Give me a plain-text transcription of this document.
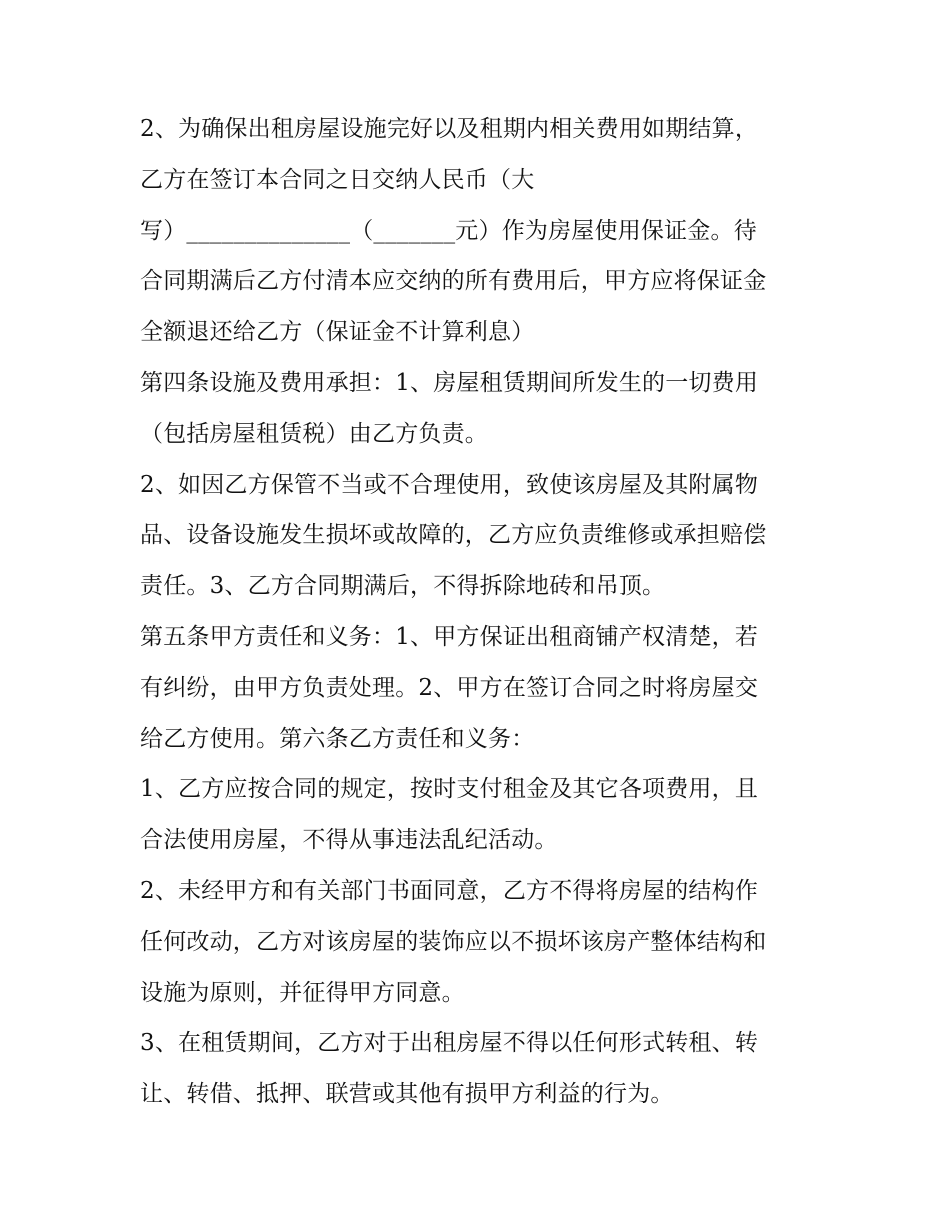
2、为确保出租房屋设施完好以及租期内相关费用如期结算，
乙方在签订本合同之日交纳人民币（大
写）______________（_______元）作为房屋使用保证金。待
合同期满后乙方付清本应交纳的所有费用后，甲方应将保证金
全额退还给乙方（保证金不计算利息）
第四条设施及费用承担：1、房屋租赁期间所发生的一切费用
（包括房屋租赁税）由乙方负责。
2、如因乙方保管不当或不合理使用，致使该房屋及其附属物
品、设备设施发生损坏或故障的，乙方应负责维修或承担赔偿
责任。3、乙方合同期满后，不得拆除地砖和吊顶。
第五条甲方责任和义务：1、甲方保证出租商铺产权清楚，若
有纠纷，由甲方负责处理。2、甲方在签订合同之时将房屋交
给乙方使用。第六条乙方责任和义务：
1、乙方应按合同的规定，按时支付租金及其它各项费用，且
合法使用房屋，不得从事违法乱纪活动。
2、未经甲方和有关部门书面同意，乙方不得将房屋的结构作
任何改动，乙方对该房屋的装饰应以不损坏该房产整体结构和
设施为原则，并征得甲方同意。
3、在租赁期间，乙方对于出租房屋不得以任何形式转租、转
让、转借、抵押、联营或其他有损甲方利益的行为。
